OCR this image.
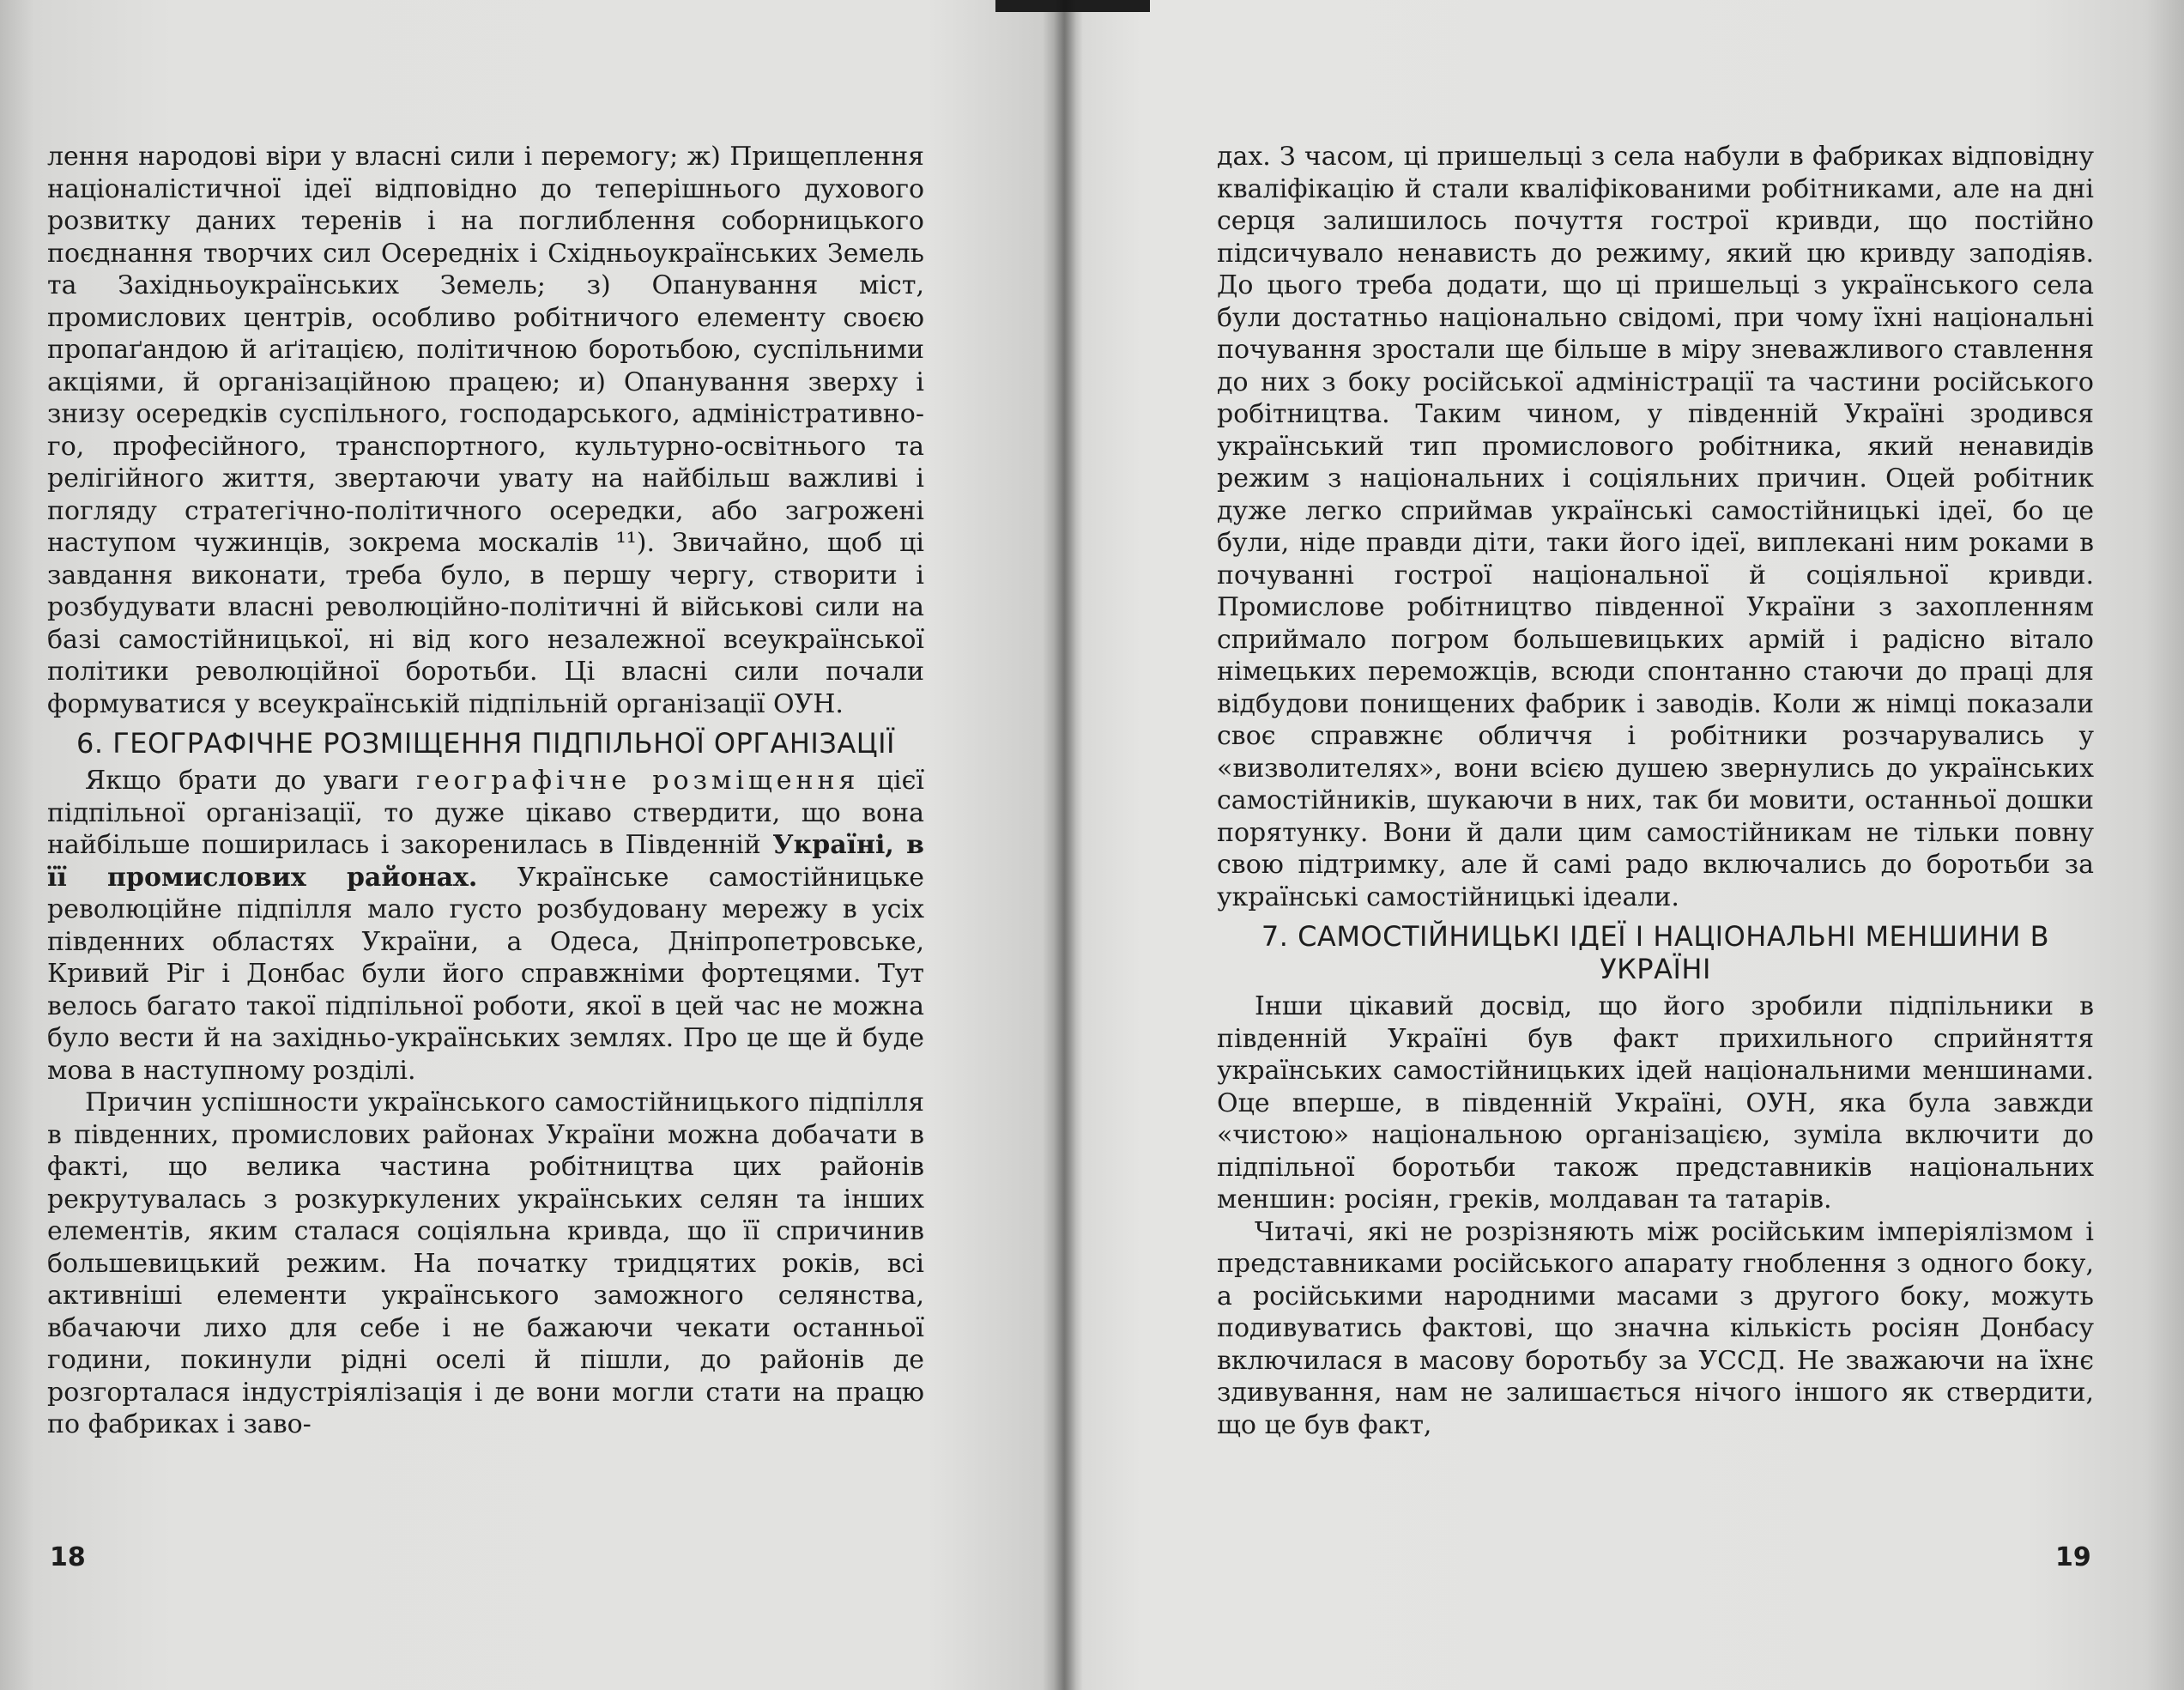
лення народові віри у власні сили і перемогу; ж) Прищеплення націоналістичної ідеї відповідно до теперішнього духового розвитку даних теренів і на поглиблення соборницького поєднання творчих сил Осередніх і Східньоукраїнських Земель та Західньоукраїнських Земель; з) Опанування міст, промислових центрів, особливо робітничого елементу своєю пропаґандою й аґітацією, політичною боротьбою, суспільними акціями, й організаційною працею; и) Опанування зверху і знизу осередків суспільного, господарського, адміністративного, професійного, транспортного, культурно-освітнього та релігійного життя, звертаючи увату на найбільш важливі і погляду стратегічно-політичного осередки, або загрожені наступом чужинців, зокрема москалів ¹¹). Звичайно, щоб ці завдання виконати, треба було, в першу чергу, створити і розбудувати власні революційно-політичні й військові сили на базі самостійницької, ні від кого незалежної всеукраїнської політики революційної боротьби. Ці власні сили почали формуватися у всеукраїнській підпільній організації ОУН.

6. ГЕОГРАФІЧНЕ РОЗМІЩЕННЯ ПІДПІЛЬНОЇ ОРГАНІЗАЦІЇ

Якщо брати до уваги географічне розміщення цієї підпільної організації, то дуже цікаво ствердити, що вона найбільше поширилась і закоренилась в Південній Україні, в її промислових районах. Українське самостійницьке революційне підпілля мало густо розбудовану мережу в усіх південних областях України, а Одеса, Дніпропетровське, Кривий Ріг і Донбас були його справжніми фортецями. Тут велось багато такої підпільної роботи, якої в цей час не можна було вести й на західньо-українських землях. Про це ще й буде мова в наступному розділі.

Причин успішности українського самостійницького підпілля в південних, промислових районах України можна добачати в факті, що велика частина робітництва цих районів рекрутувалась з розкуркулених українських селян та інших елементів, яким сталася соціяльна кривда, що її спричинив большевицький режим. На початку тридцятих років, всі активніші елементи українського заможного селянства, вбачаючи лихо для себе і не бажаючи чекати останньої години, покинули рідні оселі й пішли, до районів де розгорталася індустріялізація і де вони могли стати на працю по фабриках і заво-

18

дах. З часом, ці пришельці з села набули в фабриках відповідну кваліфікацію й стали кваліфікованими робітниками, але на дні серця залишилось почуття гострої кривди, що постійно підсичувало ненависть до режиму, який цю кривду заподіяв. До цього треба додати, що ці пришельці з українського села були достатньо національно свідомі, при чому їхні національні почування зростали ще більше в міру зневажливого ставлення до них з боку російської адміністрації та частини російського робітництва. Таким чином, у південній Україні зродився український тип промислового робітника, який ненавидів режим з національних і соціяльних причин. Оцей робітник дуже легко сприймав українські самостійницькі ідеї, бо це були, ніде правди діти, таки його ідеї, виплекані ним роками в почуванні гострої національної й соціяльної кривди. Промислове робітництво південної України з захопленням сприймало погром большевицьких армій і радісно вітало німецьких переможців, всюди спонтанно стаючи до праці для відбудови понищених фабрик і заводів. Коли ж німці показали своє справжнє обличчя і робітники розчарувались у «визволителях», вони всією душею звернулись до українських самостійників, шукаючи в них, так би мовити, останньої дошки порятунку. Вони й дали цим самостійникам не тільки повну свою підтримку, але й самі радо включались до боротьби за українські самостійницькі ідеали.

7. САМОСТІЙНИЦЬКІ ІДЕЇ І НАЦІОНАЛЬНІ МЕНШИНИ В УКРАЇНІ

Інши цікавий досвід, що його зробили підпільники в південній Україні був факт прихильного сприйняття українських самостійницьких ідей національними меншинами. Оце вперше, в південній Україні, ОУН, яка була завжди «чистою» національною організацією, зуміла включити до підпільної боротьби також представників національних меншин: росіян, греків, молдаван та татарів.

Читачі, які не розрізняють між російським імперіялізмом і представниками російського апарату гноблення з одного боку, а російськими народними масами з другого боку, можуть подивуватись фактові, що значна кількість росіян Донбасу включилася в масову боротьбу за УССД. Не зважаючи на їхнє здивування, нам не залишається нічого іншого як ствердити, що це був факт,

19
